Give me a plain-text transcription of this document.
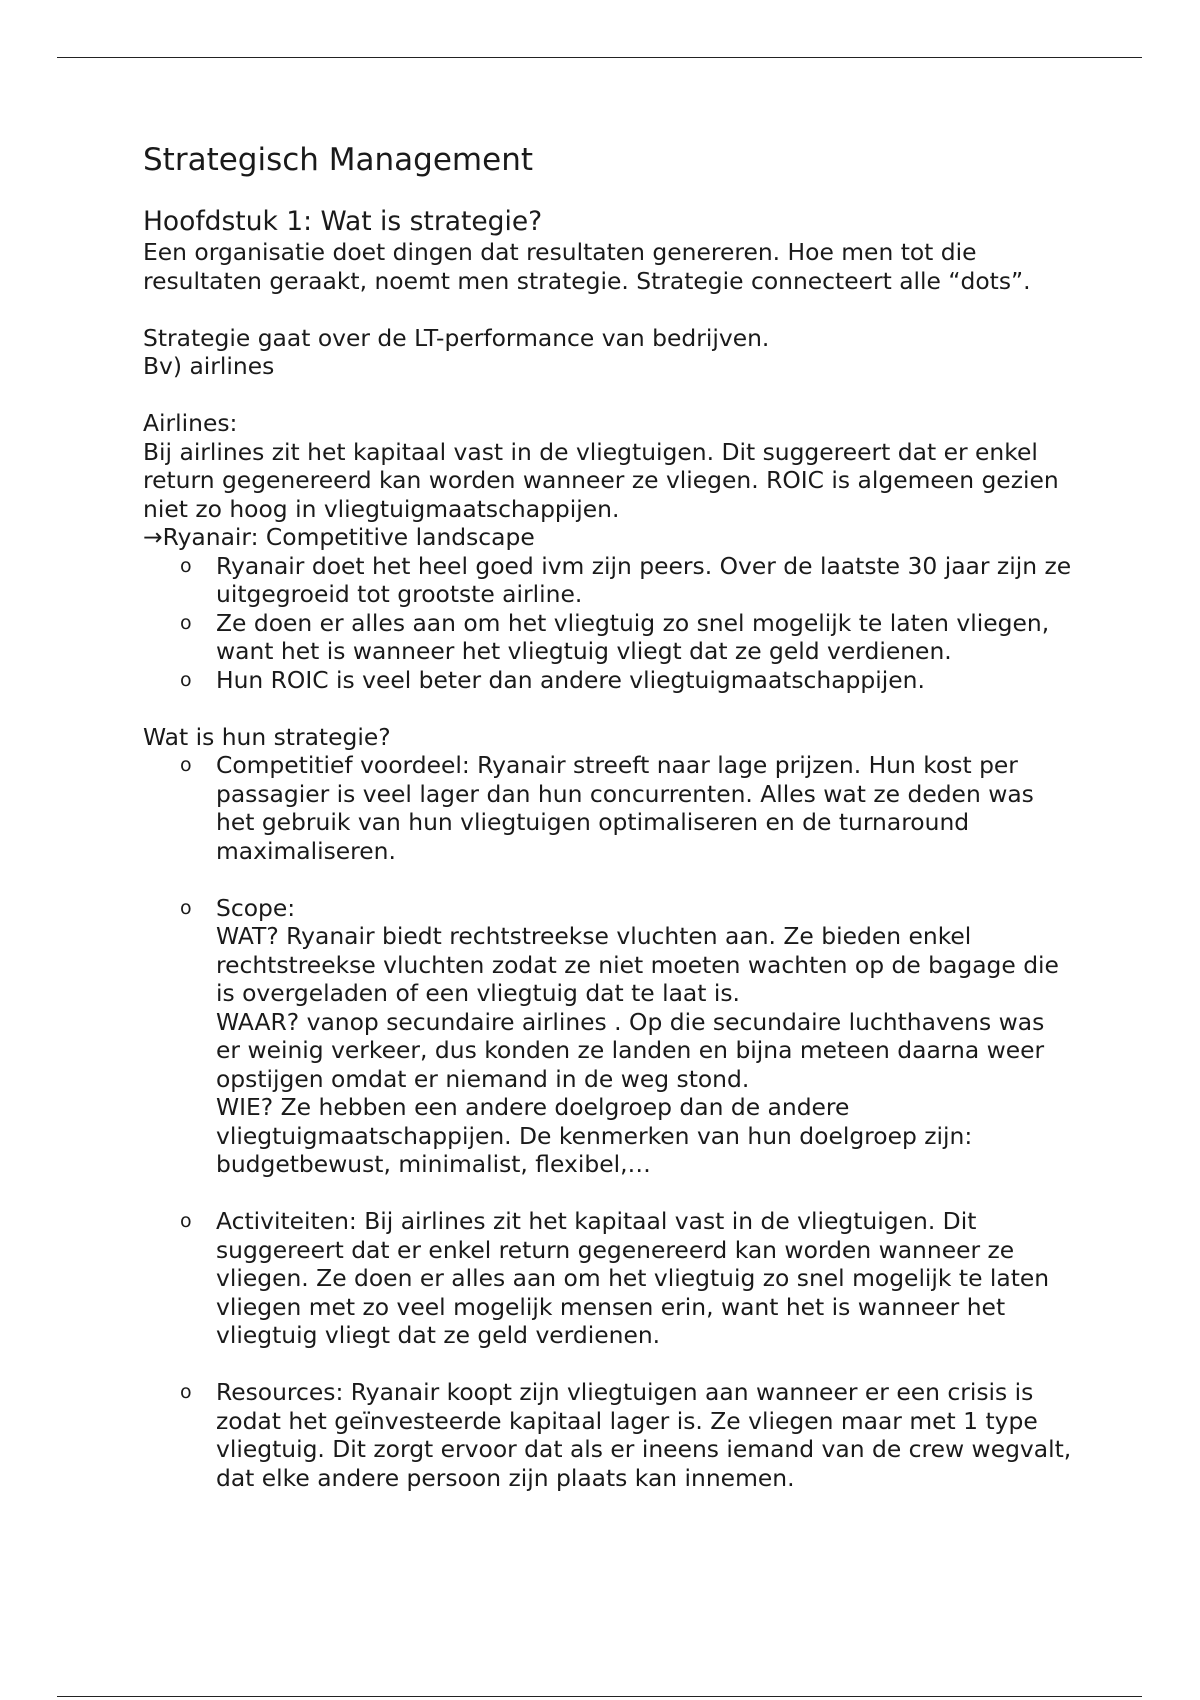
Strategisch Management
Hoofdstuk 1: Wat is strategie?

Een organisatie doet dingen dat resultaten genereren. Hoe men tot die resultaten geraakt, noemt men strategie. Strategie connecteert alle “dots”.

Strategie gaat over de LT-performance van bedrijven.

Bv) airlines

Airlines:

Bij airlines zit het kapitaal vast in de vliegtuigen. Dit suggereert dat er enkel return gegenereerd kan worden wanneer ze vliegen. ROIC is algemeen gezien niet zo hoog in vliegtuigmaatschappijen.

→Ryanair: Competitive landscape

o Ryanair doet het heel goed ivm zijn peers. Over de laatste 30 jaar zijn ze uitgegroeid tot grootste airline.
o Ze doen er alles aan om het vliegtuig zo snel mogelijk te laten vliegen, want het is wanneer het vliegtuig vliegt dat ze geld verdienen.
o Hun ROIC is veel beter dan andere vliegtuigmaatschappijen.

Wat is hun strategie?

o Competitief voordeel: Ryanair streeft naar lage prijzen. Hun kost per passagier is veel lager dan hun concurrenten. Alles wat ze deden was het gebruik van hun vliegtuigen optimaliseren en de turnaround maximaliseren.
o Scope:
WAT? Ryanair biedt rechtstreekse vluchten aan. Ze bieden enkel rechtstreekse vluchten zodat ze niet moeten wachten op de bagage die is overgeladen of een vliegtuig dat te laat is.
WAAR? vanop secundaire airlines . Op die secundaire luchthavens was er weinig verkeer, dus konden ze landen en bijna meteen daarna weer opstijgen omdat er niemand in de weg stond.
WIE? Ze hebben een andere doelgroep dan de andere vliegtuigmaatschappijen. De kenmerken van hun doelgroep zijn: budgetbewust, minimalist, flexibel,…
o Activiteiten: Bij airlines zit het kapitaal vast in de vliegtuigen. Dit suggereert dat er enkel return gegenereerd kan worden wanneer ze vliegen. Ze doen er alles aan om het vliegtuig zo snel mogelijk te laten vliegen met zo veel mogelijk mensen erin, want het is wanneer het vliegtuig vliegt dat ze geld verdienen.
o Resources: Ryanair koopt zijn vliegtuigen aan wanneer er een crisis is zodat het geïnvesteerde kapitaal lager is. Ze vliegen maar met 1 type vliegtuig. Dit zorgt ervoor dat als er ineens iemand van de crew wegvalt, dat elke andere persoon zijn plaats kan innemen.
